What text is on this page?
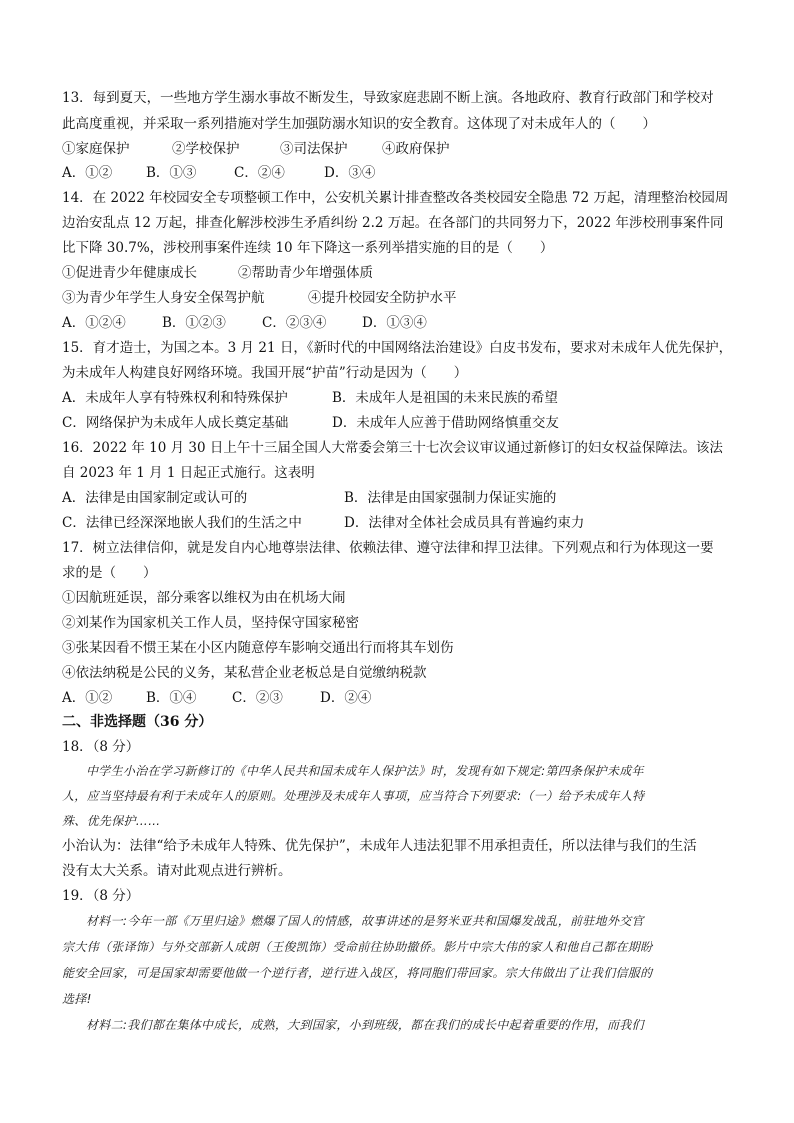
13．每到夏天，一些地方学生溺水事故不断发生，导致家庭悲剧不断上演。各地政府、教育行政部门和学校对
此高度重视，并采取一系列措施对学生加强防溺水知识的安全教育。这体现了对未成年人的（　　）
①家庭保护	②学校保护	③司法保护	④政府保护
A．①②	B．①③	C．②④	D．③④
14．在 2022 年校园安全专项整顿工作中，公安机关累计排查整改各类校园安全隐患 72 万起，清理整治校园周
边治安乱点 12 万起，排查化解涉校涉生矛盾纠纷 2.2 万起。在各部门的共同努力下，2022 年涉校刑事案件同
比下降 30.7%，涉校刑事案件连续 10 年下降这一系列举措实施的目的是（　　）
①促进青少年健康成长	②帮助青少年增强体质
③为青少年学生人身安全保驾护航	④提升校园安全防护水平
A．①②④	B．①②③	C．②③④	D．①③④
15．育才造士，为国之本。3 月 21 日，《新时代的中国网络法治建设》白皮书发布，要求对未成年人优先保护，
为未成年人构建良好网络环境。我国开展“护苗”行动是因为（　　）
A．未成年人享有特殊权利和特殊保护	B．未成年人是祖国的未来民族的希望
C．网络保护为未成年人成长奠定基础	D．未成年人应善于借助网络慎重交友
16．2022 年 10 月 30 日上午十三届全国人大常委会第三十七次会议审议通过新修订的妇女权益保障法。该法
自 2023 年 1 月 1 日起正式施行。这表明
A．法律是由国家制定或认可的	B．法律是由国家强制力保证实施的
C．法律已经深深地嵌人我们的生活之中	D．法律对全体社会成员具有普遍约束力
17．树立法律信仰，就是发自内心地尊崇法律、依赖法律、遵守法律和捍卫法律。下列观点和行为体现这一要
求的是（　　）
①因航班延误，部分乘客以维权为由在机场大闹
②刘某作为国家机关工作人员，坚持保守国家秘密
③张某因看不惯王某在小区内随意停车影响交通出行而将其车划伤
④依法纳税是公民的义务，某私营企业老板总是自觉缴纳税款
A．①②	B．①④	C．②③	D．②④
二、非选择题（36 分）
18．（8 分）
中学生小治在学习新修订的《中华人民共和国未成年人保护法》时，发现有如下规定:第四条保护未成年
人，应当坚持最有利于未成年人的原则。处理涉及未成年人事项，应当符合下列要求:（一）给予未成年人特
殊、优先保护……
小治认为：法律“给予未成年人特殊、优先保护”，未成年人违法犯罪不用承担责任，所以法律与我们的生活
没有太大关系。请对此观点进行辨析。
19．（8 分）
材料一:今年一部《万里归途》燃爆了国人的情感，故事讲述的是努米亚共和国爆发战乱，前驻地外交官
宗大伟（张译饰）与外交部新人成朗（王俊凯饰）受命前往协助撤侨。影片中宗大伟的家人和他自己都在期盼
能安全回家，可是国家却需要他做一个逆行者，逆行进入战区，将同胞们带回家。宗大伟做出了让我们信服的
选择!
材料二:我们都在集体中成长，成熟，大到国家，小到班级，都在我们的成长中起着重要的作用，而我们
